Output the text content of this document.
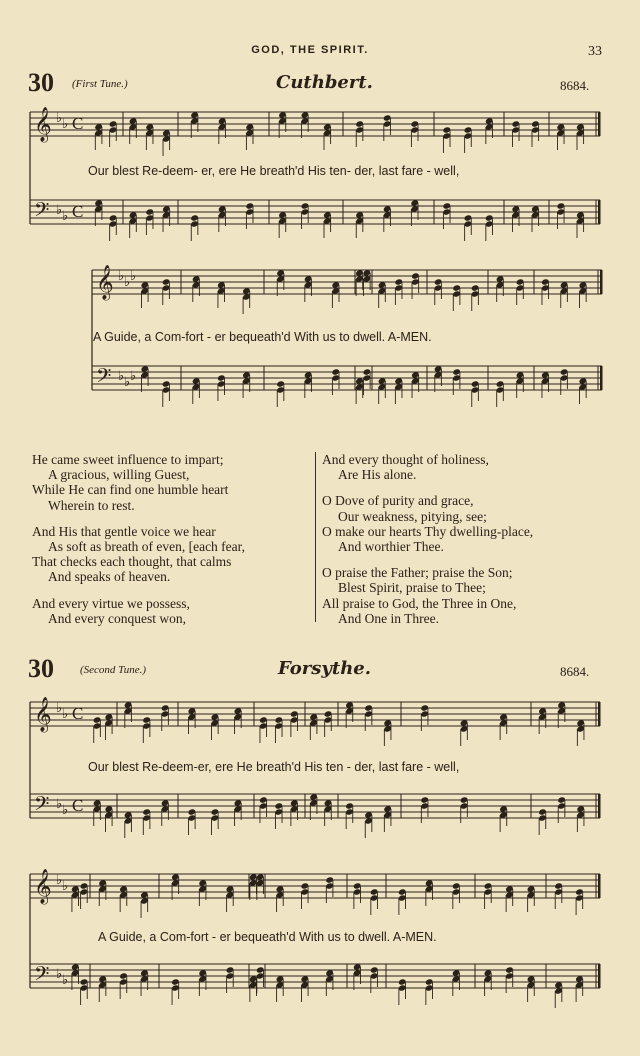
GOD, THE SPIRIT.	33
30 (First Tune.)	Cuthbert.	8684.
𝄞
𝄢
♭
♭
♭
♭
C
C
Our blest Re-deem- er, ere He breath'd His ten- der, last fare - well,
𝄞
𝄢
♭
♭
♭
♭
♭
♭
A Guide, a Com-fort - er bequeath'd With us to dwell. A-MEN.
He came sweet influence to impart;
A gracious, willing Guest,
While He can find one humble heart
Wherein to rest.
And His that gentle voice we hear
As soft as breath of even, [each fear,
That checks each thought, that calms
And speaks of heaven.
And every virtue we possess,
And every conquest won,
And every thought of holiness,
Are His alone.
O Dove of purity and grace,
Our weakness, pitying, see;
O make our hearts Thy dwelling-place,
And worthier Thee.
O praise the Father; praise the Son;
Blest Spirit, praise to Thee;
All praise to God, the Three in One,
And One in Three.
30 (Second Tune.)	Forsythe.	8684.
𝄞
𝄢
♭
♭
♭
♭
C
C
Our blest Re-deem-er, ere He breath'd His ten - der, last fare - well,
𝄞
𝄢
♭
♭
♭
♭
A Guide, a Com-fort - er bequeath'd With us to dwell. A-MEN.
